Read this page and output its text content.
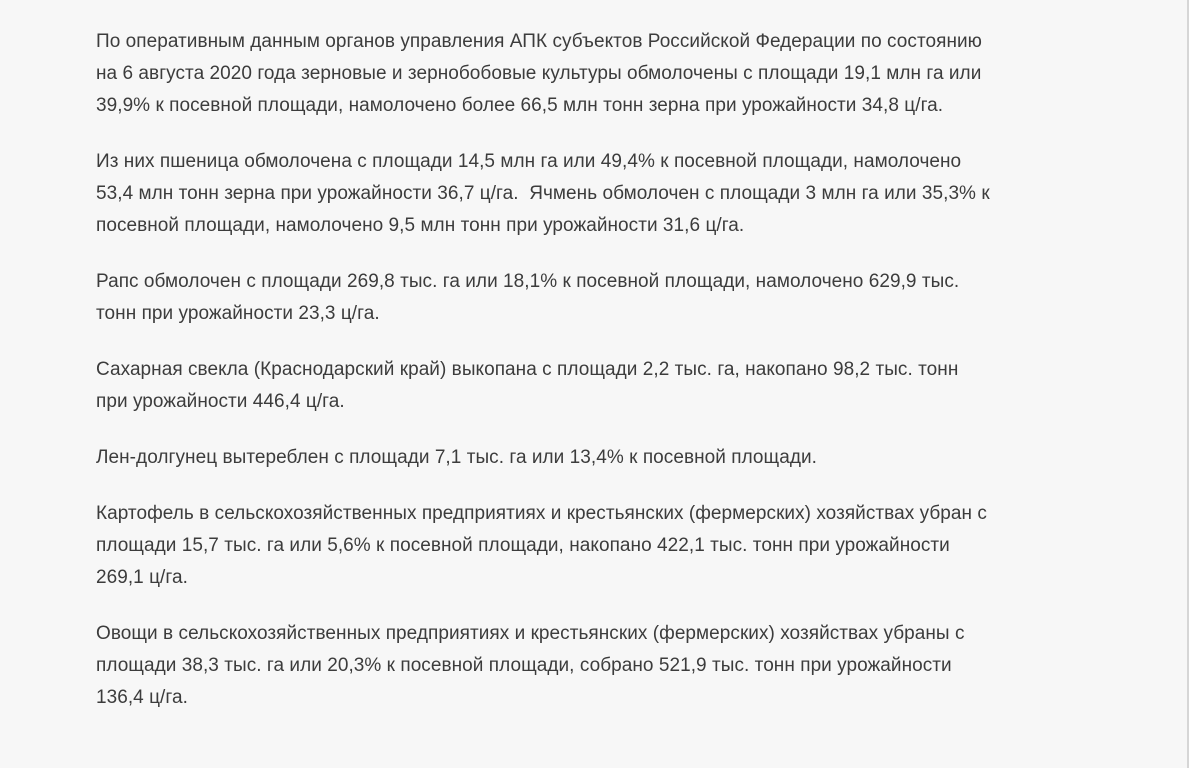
По оперативным данным органов управления АПК субъектов Российской Федерации по состоянию
на 6 августа 2020 года зерновые и зернобобовые культуры обмолочены с площади 19,1 млн га или
39,9% к посевной площади, намолочено более 66,5 млн тонн зерна при урожайности 34,8 ц/га.

Из них пшеница обмолочена с площади 14,5 млн га или 49,4% к посевной площади, намолочено
53,4 млн тонн зерна при урожайности 36,7 ц/га.  Ячмень обмолочен с площади 3 млн га или 35,3% к
посевной площади, намолочено 9,5 млн тонн при урожайности 31,6 ц/га.

Рапс обмолочен с площади 269,8 тыс. га или 18,1% к посевной площади, намолочено 629,9 тыс.
тонн при урожайности 23,3 ц/га.

Сахарная свекла (Краснодарский край) выкопана с площади 2,2 тыс. га, накопано 98,2 тыс. тонн
при урожайности 446,4 ц/га.

Лен-долгунец вытереблен с площади 7,1 тыс. га или 13,4% к посевной площади.

Картофель в сельскохозяйственных предприятиях и крестьянских (фермерских) хозяйствах убран с
площади 15,7 тыс. га или 5,6% к посевной площади, накопано 422,1 тыс. тонн при урожайности
269,1 ц/га.

Овощи в сельскохозяйственных предприятиях и крестьянских (фермерских) хозяйствах убраны с
площади 38,3 тыс. га или 20,3% к посевной площади, собрано 521,9 тыс. тонн при урожайности
136,4 ц/га.
